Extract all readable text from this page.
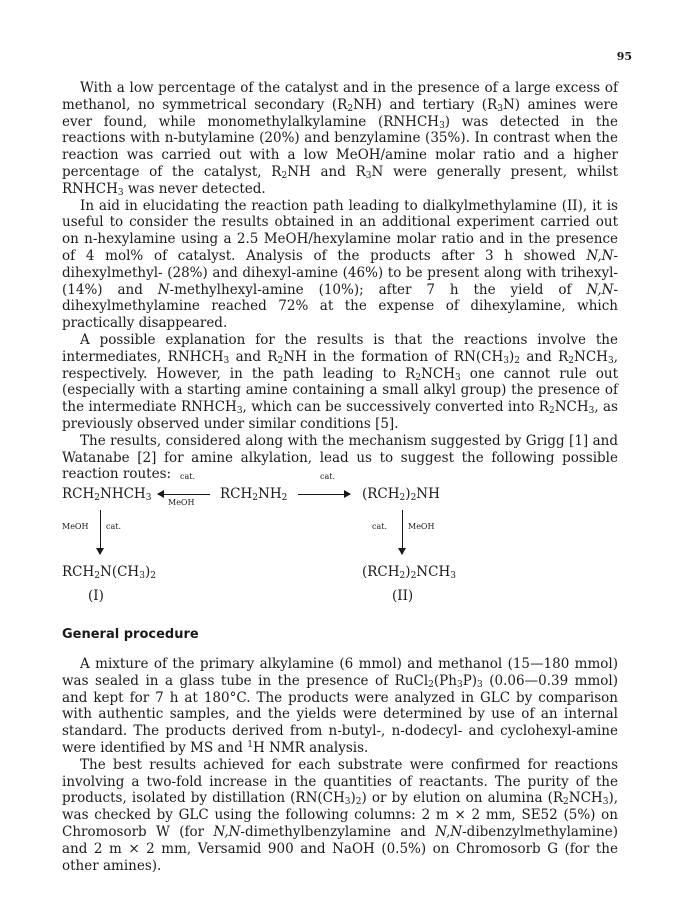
95

With a low percentage of the catalyst and in the presence of a large excess of methanol, no symmetrical secondary $(R_2NH)$ and tertiary $(R_3N)$ amines were ever found, while monomethylalkylamine $(RNHCH_3)$ was detected in the reactions with n-butylamine (20%) and benzylamine (35%). In contrast when the reaction was carried out with a low MeOH/amine molar ratio and a higher percentage of the catalyst, $R_2NH$ and $R_3N$ were generally present, whilst $RNHCH_3$ was never detected.

In aid in elucidating the reaction path leading to dialkylmethylamine (II), it is useful to consider the results obtained in an additional experiment carried out on n-hexylamine using a 2.5 MeOH/hexylamine molar ratio and in the presence of 4 mol% of catalyst. Analysis of the products after 3 h showed N,N-dihexylmethyl- (28%) and dihexyl-amine (46%) to be present along with trihexyl- (14%) and N-methylhexyl-amine (10%); after 7 h the yield of N,N-dihexylmethylamine reached 72% at the expense of dihexylamine, which practically disappeared.

A possible explanation for the results is that the reactions involve the intermediates, $RNHCH_3$ and $R_2NH$ in the formation of $RN(CH_3)_2$ and $R_2NCH_3$, respectively. However, in the path leading to $R_2NCH_3$ one cannot rule out (especially with a starting amine containing a small alkyl group) the presence of the intermediate $RNHCH_3$, which can be successively converted into $R_2NCH_3$, as previously observed under similar conditions [5].

The results, considered along with the mechanism suggested by Grigg [1] and Watanabe [2] for amine alkylation, lead us to suggest the following possible reaction routes:

$RCH_2NHCH_3$
cat.
MeOH
$RCH_2NH_2$
cat.
$(RCH_2)_2NH$
MeOH cat.	cat.	MeOH
$RCH_2N(CH_3)_2$	$(RCH_2)_2NCH_3$
(I)	(II)
General procedure

A mixture of the primary alkylamine (6 mmol) and methanol (15—180 mmol) was sealed in a glass tube in the presence of $RuCl_2(Ph_3P)_3$ (0.06—0.39 mmol) and kept for 7 h at 180°C. The products were analyzed in GLC by comparison with authentic samples, and the yields were determined by use of an internal standard. The products derived from n-butyl-, n-dodecyl- and cyclohexyl-amine were identified by MS and $^1$H NMR analysis.

The best results achieved for each substrate were confirmed for reactions involving a two-fold increase in the quantities of reactants. The purity of the products, isolated by distillation $(RN(CH_3)_2)$ or by elution on alumina $(R_2NCH_3)$, was checked by GLC using the following columns: 2 m × 2 mm, SE52 (5%) on Chromosorb W (for N,N-dimethylbenzylamine and N,N-dibenzylmethylamine) and 2 m × 2 mm, Versamid 900 and NaOH (0.5%) on Chromosorb G (for the other amines).
